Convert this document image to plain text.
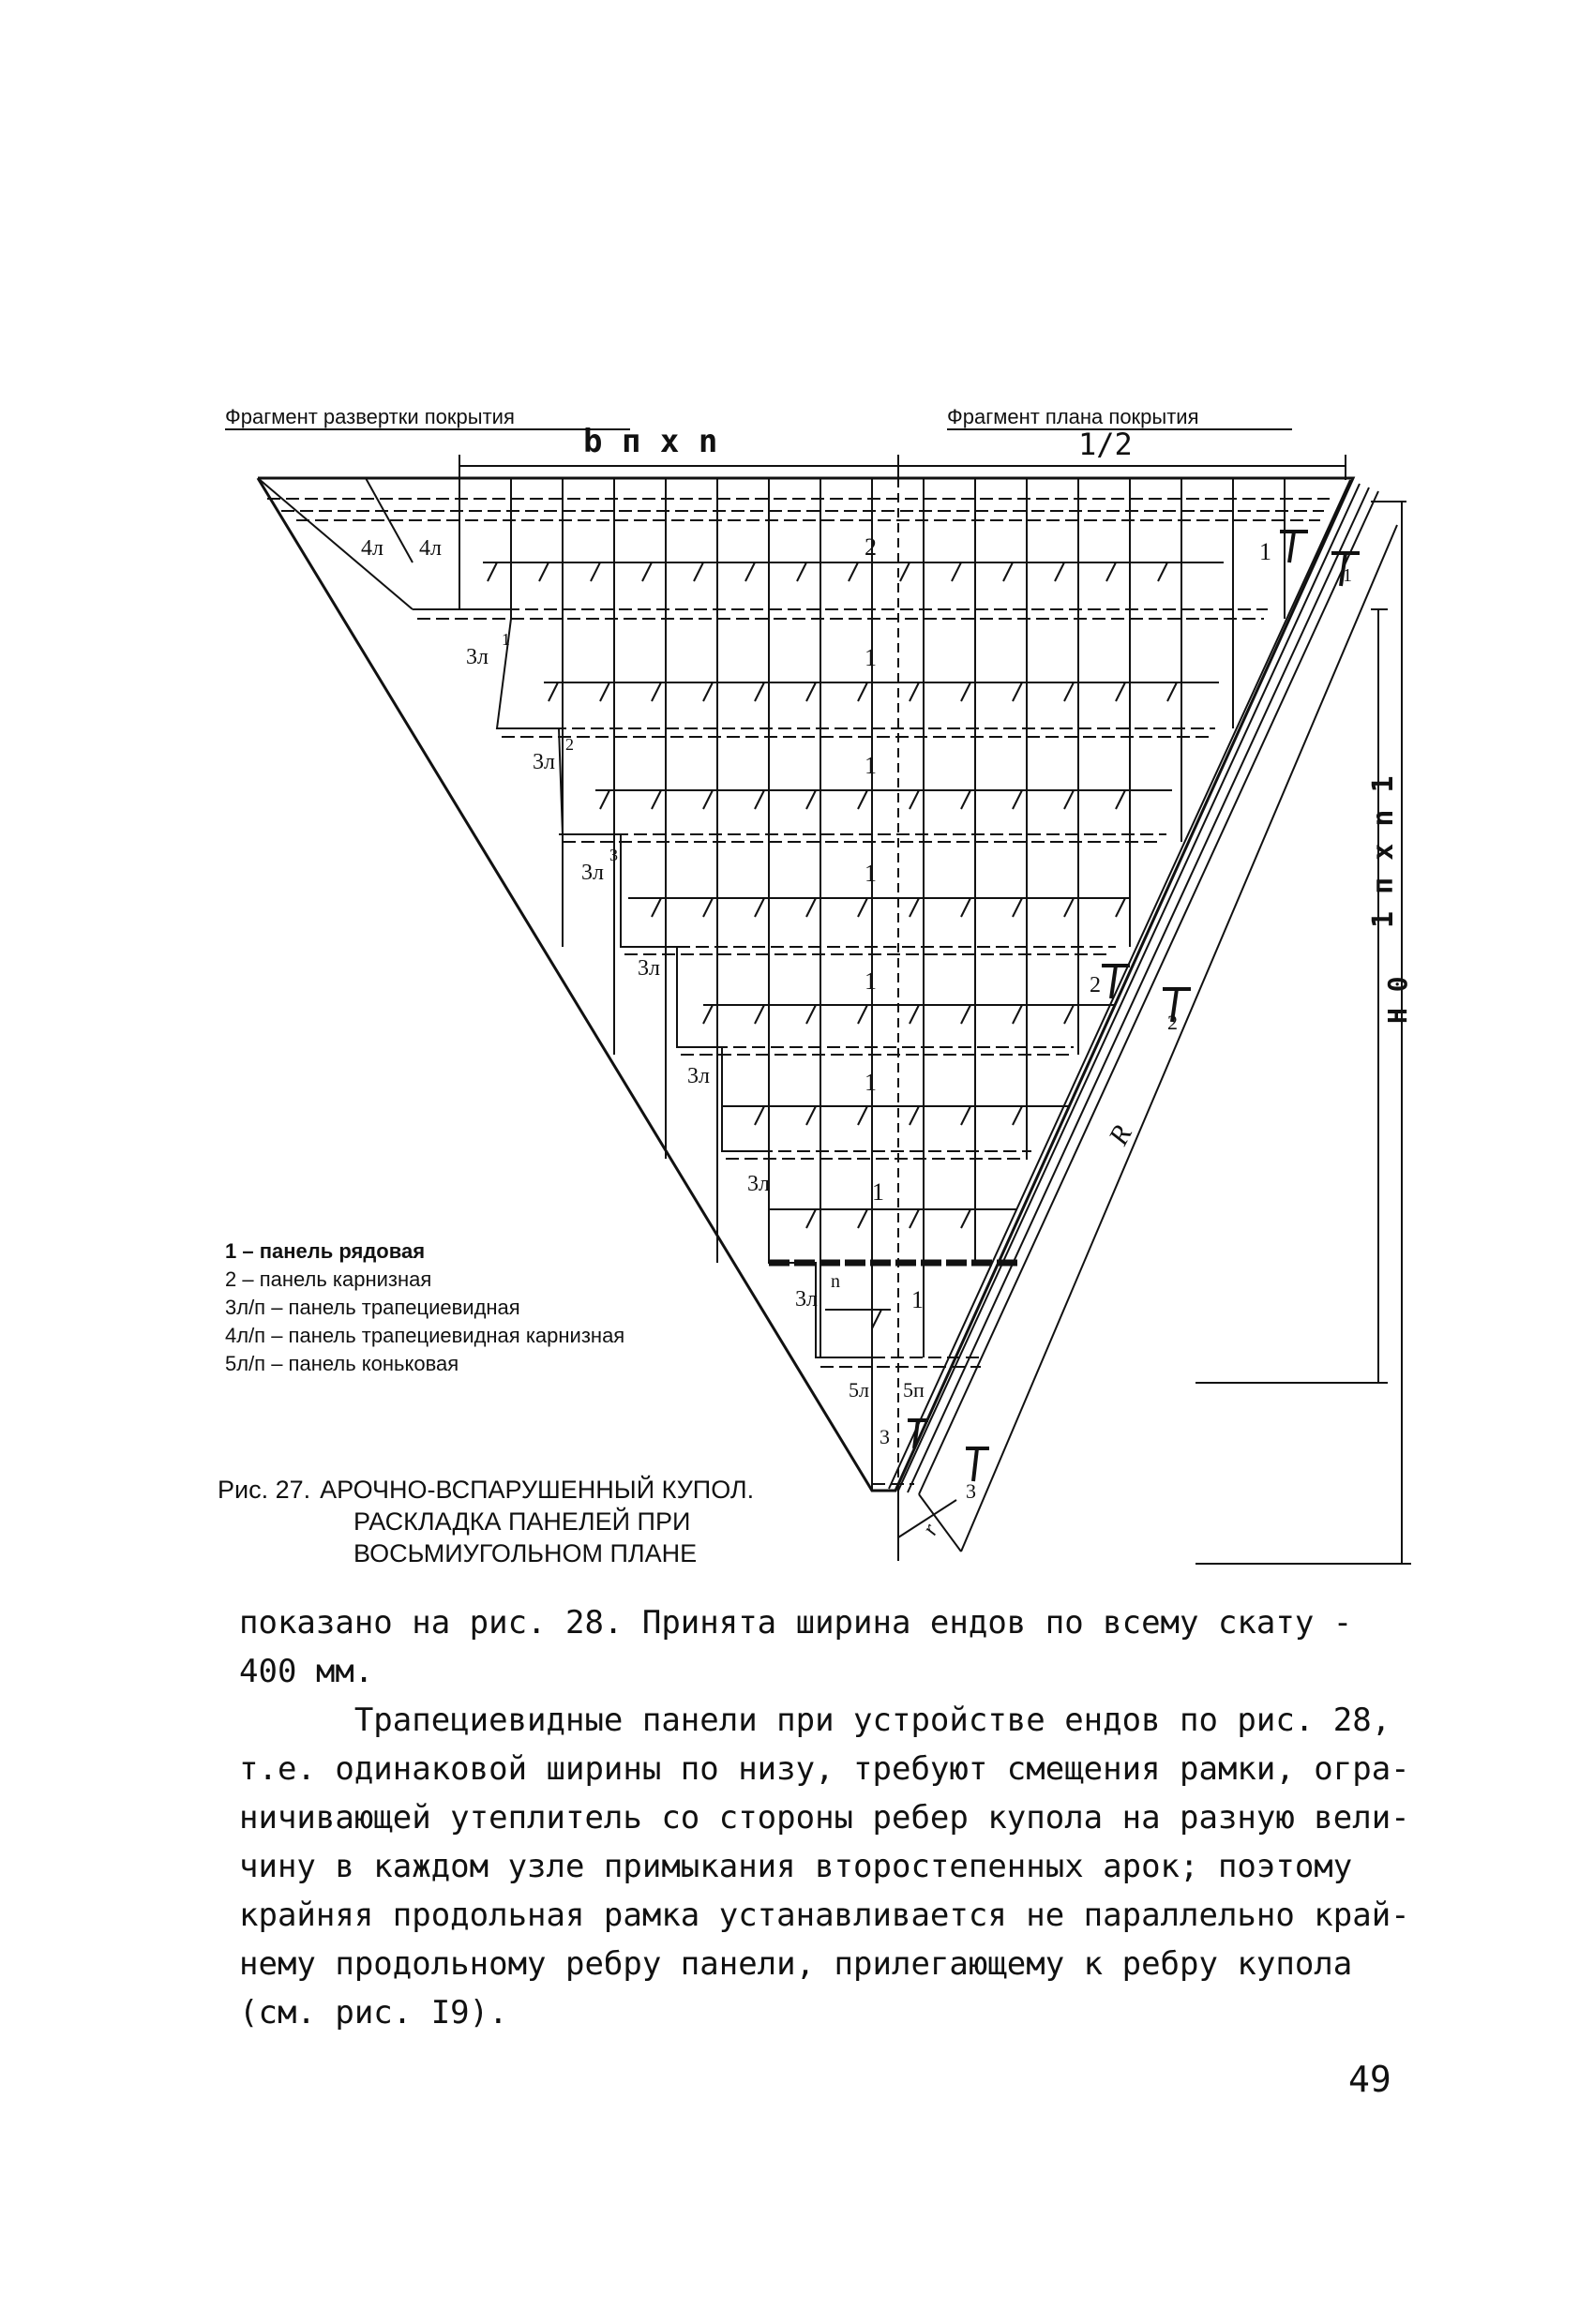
Фрагмент развертки покрытия	Фрагмент плана покрытия
b п x n	1/2
4л 4л	2	1
3л
1
1
3л
2
1
3л
3
1
3л	1	2
3л	1
3л	1
3л
n
1
5л 5п
3
1
2
3
R
r
1 п x n 1
H 0
1 – панель рядовая
2 – панель карнизная
3л/п – панель трапециевидная
4л/п – панель трапециевидная карнизная
5л/п – панель коньковая
Рис. 27. АРОЧНО-ВСПАРУШЕННЫЙ КУПОЛ.
РАСКЛАДКА ПАНЕЛЕЙ ПРИ
ВОСЬМИУГОЛЬНОМ ПЛАНЕ
показано на рис. 28. Принята ширина ендов по всему скату -
400 мм.
Трапециевидные панели при устройстве ендов по рис. 28,
т.е. одинаковой ширины по низу, требуют смещения рамки, огра-
ничивающей утеплитель со стороны ребер купола на разную вели-
чину в каждом узле примыкания второстепенных арок; поэтому
крайняя продольная рамка устанавливается не параллельно край-
нему продольному ребру панели, прилегающему к ребру купола
(см. рис. I9).
49
